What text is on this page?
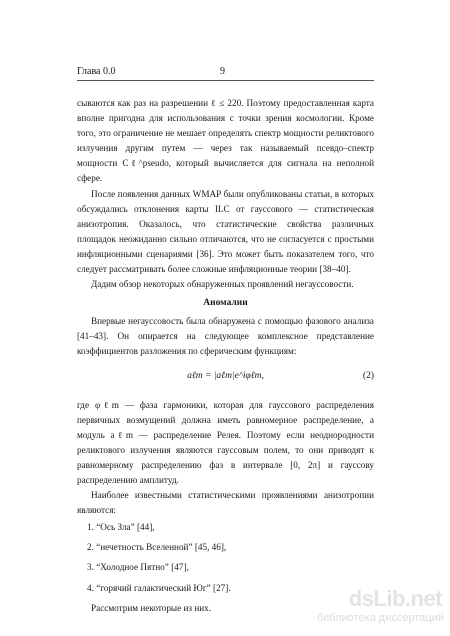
Глава 0.0	9

сываются как раз на разрешении ℓ ≤ 220. Поэтому предоставленная карта вполне пригодна для использования с точки зрения космологии. Кроме того, это ограничение не мешает определять спектр мощности реликтового излучения другим путем — через так называемый псевдо–спектр мощности Cℓ^pseudo, который вычисляется для сигнала на неполной сфере.

После появления данных WMAP были опубликованы статьи, в которых обсуждались отклонения карты ILC от гауссового — статистическая анизотропия. Оказалось, что статистические свойства различных площадок неожиданно сильно отличаются, что не согласуется с простыми инфляционными сценариями [36]. Это может быть показателем того, что следует рассматривать более сложные инфляционные теории [38–40].

Дадим обзор некоторых обнаруженных проявлений негауссовости.

Аномалии

Впервые негауссовость была обнаружена с помощью фазового анализа [41–43]. Он опирается на следующее комплексное представление коэффициентов разложения по сферическим функциям:

aℓm = |aℓm|e^iφℓm,	(2)

где φℓm — фаза гармоники, которая для гауссового распределения первичных возмущений должна иметь равномерное распределение, а модуль aℓm — распределение Релея. Поэтому если неоднородности реликтового излучения являются гауссовым полем, то они приводят к равномерному распределению фаз в интервале [0, 2π] и гауссову распределению амплитуд.

Наиболее известными статистическими проявлениями анизотропии являются:

1. “Ось Зла” [44],
2. “нечетность Вселенной” [45, 46],
3. “Холодное Пятно” [47],
4. “горячий галактический Юг” [27].

Рассмотрим некоторые из них.	dsLib.net
библиотека диссертаций
